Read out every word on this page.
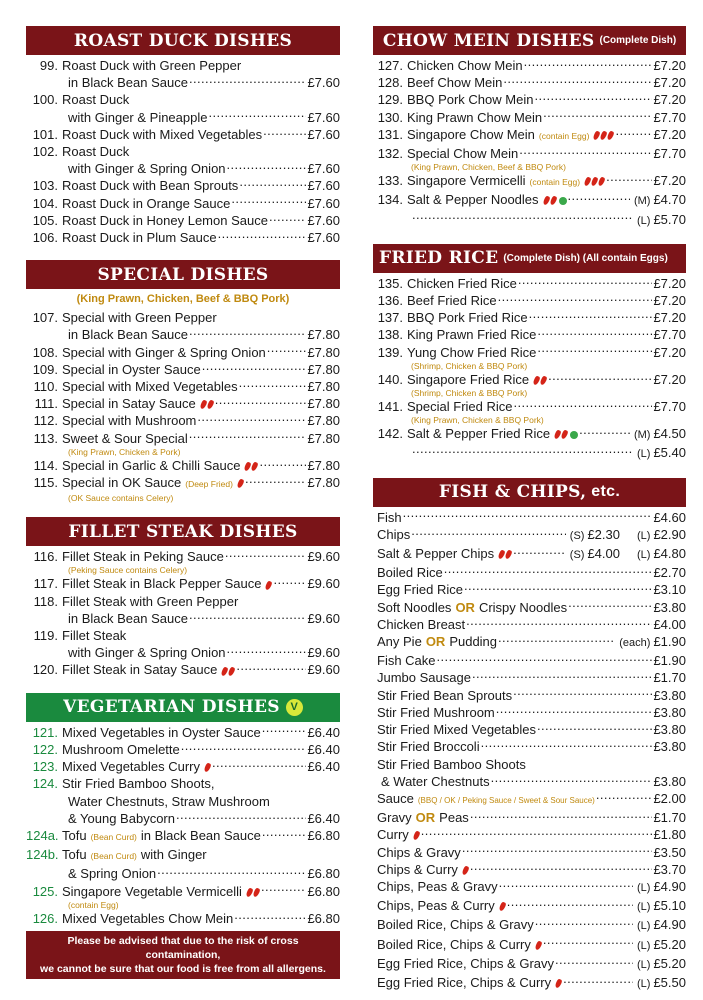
ROAST DUCK DISHES
99. Roast Duck with Green Pepper
in Black Bean Sauce .....	£7.60
100. Roast Duck
with Ginger & Pineapple .....	£7.60
101. Roast Duck with Mixed Vegetables .....	£7.60
102. Roast Duck
with Ginger & Spring Onion .....	£7.60
103. Roast Duck with Bean Sprouts .....	£7.60
104. Roast Duck in Orange Sauce .....	£7.60
105. Roast Duck in Honey Lemon Sauce .....	£7.60
106. Roast Duck in Plum Sauce .....	£7.60
SPECIAL DISHES
(King Prawn, Chicken, Beef & BBQ Pork)
107. Special with Green Pepper
in Black Bean Sauce .....	£7.80
108. Special with Ginger & Spring Onion .....	£7.80
109. Special in Oyster Sauce .....	£7.80
110. Special with Mixed Vegetables .....	£7.80
111. Special in Satay Sauce .....	£7.80
112. Special with Mushroom .....	£7.80
113. Sweet & Sour Special .....	£7.80
(King Prawn, Chicken & Pork)
114. Special in Garlic & Chilli Sauce .....	£7.80
115. Special in OK Sauce (Deep Fried) .....	£7.80
(OK Sauce contains Celery)
FILLET STEAK DISHES
116. Fillet Steak in Peking Sauce .....	£9.60
(Peking Sauce contains Celery)
117. Fillet Steak in Black Pepper Sauce .....	£9.60
118. Fillet Steak with Green Pepper
in Black Bean Sauce .....	£9.60
119. Fillet Steak
with Ginger & Spring Onion .....	£9.60
120. Fillet Steak in Satay Sauce .....	£9.60
VEGETARIAN DISHES V
121. Mixed Vegetables in Oyster Sauce .....	£6.40
122. Mushroom Omelette .....	£6.40
123. Mixed Vegetables Curry .....	£6.40
124. Stir Fried Bamboo Shoots,
Water Chestnuts, Straw Mushroom
& Young Babycorn .....	£6.40
124a. Tofu (Bean Curd) in Black Bean Sauce .....	£6.80
124b. Tofu (Bean Curd) with Ginger
& Spring Onion .....	£6.80
125. Singapore Vegetable Vermicelli .....	£6.80
(contain Egg)
126. Mixed Vegetables Chow Mein .....	£6.80
Please be advised that due to the risk of cross contamination,
we cannot be sure that our food is free from all allergens.
CHOW MEIN DISHES (Complete Dish)
127. Chicken Chow Mein .....	£7.20
128. Beef Chow Mein .....	£7.20
129. BBQ Pork Chow Mein .....	£7.20
130. King Prawn Chow Mein .....	£7.70
131. Singapore Chow Mein (contain Egg) .....	£7.20
132. Special Chow Mein .....	£7.70
(King Prawn, Chicken, Beef & BBQ Pork)
133. Singapore Vermicelli (contain Egg) .....	£7.20
134. Salt & Pepper Noodles .....	(M) £4.70
.....
(L) £5.70
FRIED RICE (Complete Dish) (All contain Eggs)
135. Chicken Fried Rice .....	£7.20
136. Beef Fried Rice .....	£7.20
137. BBQ Pork Fried Rice .....	£7.20
138. King Prawn Fried Rice .....	£7.70
139. Yung Chow Fried Rice .....	£7.20
(Shrimp, Chicken & BBQ Pork)
140. Singapore Fried Rice .....	£7.20
(Shrimp, Chicken & BBQ Pork)
141. Special Fried Rice .....	£7.70
(King Prawn, Chicken & BBQ Pork)
142. Salt & Pepper Fried Rice .....	(M) £4.50
.....
(L) £5.40
FISH & CHIPS, etc.
Fish .....	£4.60
Chips .....	(S) £2.30 (L) £2.90
Salt & Pepper Chips .....	(S) £4.00 (L) £4.80
Boiled Rice .....	£2.70
Egg Fried Rice .....	£3.10
Soft Noodles OR Crispy Noodles .....	£3.80
Chicken Breast .....	£4.00
Any Pie OR Pudding .....	(each) £1.90
Fish Cake .....	£1.90
Jumbo Sausage .....	£1.70
Stir Fried Bean Sprouts .....	£3.80
Stir Fried Mushroom .....	£3.80
Stir Fried Mixed Vegetables .....	£3.80
Stir Fried Broccoli .....	£3.80
Stir Fried Bamboo Shoots
& Water Chestnuts .....	£3.80
Sauce (BBQ / OK / Peking Sauce / Sweet & Sour Sauce) .....	£2.00
Gravy OR Peas .....	£1.70
Curry .....	£1.80
Chips & Gravy .....	£3.50
Chips & Curry .....	£3.70
Chips, Peas & Gravy .....	(L) £4.90
Chips, Peas & Curry .....	(L) £5.10
Boiled Rice, Chips & Gravy .....	(L) £4.90
Boiled Rice, Chips & Curry .....	(L) £5.20
Egg Fried Rice, Chips & Gravy .....	(L) £5.20
Egg Fried Rice, Chips & Curry .....	(L) £5.50
